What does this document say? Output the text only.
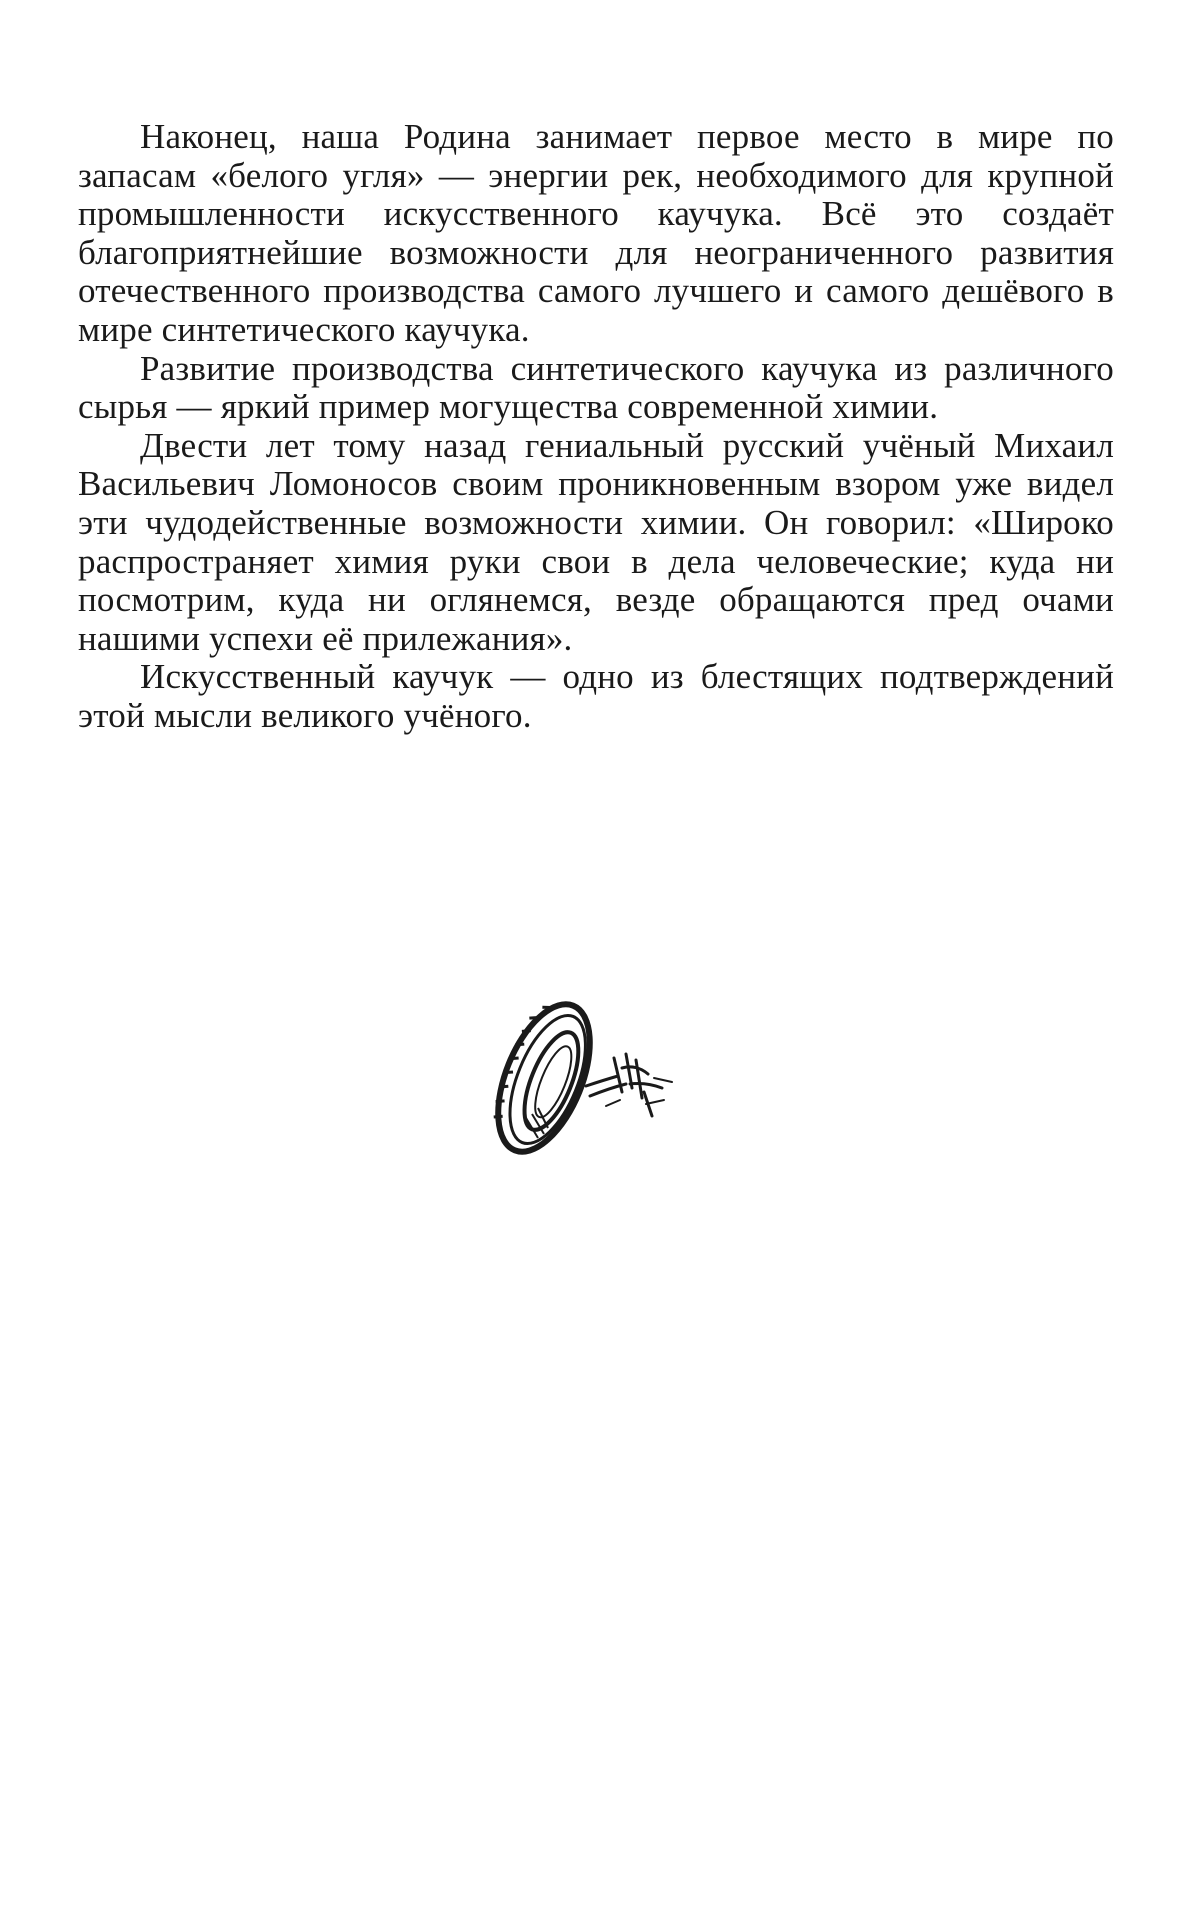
Наконец, наша Родина занимает первое место в мире по запасам «белого угля» — энергии рек, необходимого для крупной промышленности искусственного каучука. Всё это создаёт благоприятнейшие возможности для неограниченного развития отечественного производства самого лучшего и самого дешёвого в мире синтетического каучука.

Развитие производства синтетического каучука из различного сырья — яркий пример могущества современной химии.

Двести лет тому назад гениальный русский учёный Михаил Васильевич Ломоносов своим проникновенным взором уже видел эти чудодейственные возможности химии. Он говорил: «Широко распространяет химия руки свои в дела человеческие; куда ни посмотрим, куда ни оглянемся, везде обращаются пред очами нашими успехи её прилежания».

Искусственный каучук — одно из блестящих подтверждений этой мысли великого учёного.
